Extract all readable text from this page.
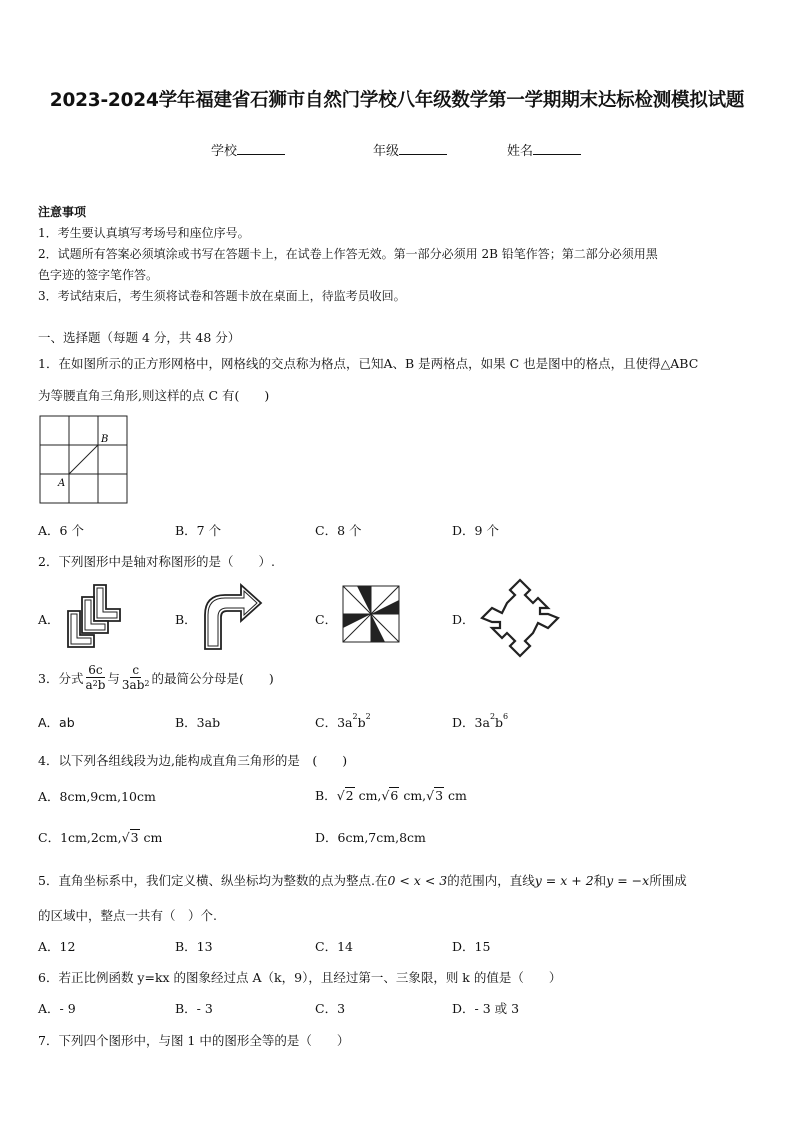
2023-2024学年福建省石狮市自然门学校八年级数学第一学期期末达标检测模拟试题
学校	年级	姓名
注意事项
1．考生要认真填写考场号和座位序号。
2．试题所有答案必须填涂或书写在答题卡上，在试卷上作答无效。第一部分必须用 2B 铅笔作答；第二部分必须用黑
色字迹的签字笔作答。
3．考试结束后，考生须将试卷和答题卡放在桌面上，待监考员收回。
一、选择题（每题 4 分，共 48 分）
1．在如图所示的正方形网格中，网格线的交点称为格点，已知A、B 是两格点，如果 C 也是图中的格点，且使得△ABC
为等腰直角三角形,则这样的点 C 有(　　)
B
A
A．6 个	B．7 个	C．8 个	D．9 个
2．下列图形中是轴对称图形的是（　　）.
A．	B．	C．	D．
3．分式 $\frac{6c}{a^2b}$ 与 $\frac{c}{3ab^2}$ 的最简公分母是(　　)
A．ab	B．3ab	C．$3a^2b^2$	D．$3a^2b^6$
4．以下列各组线段为边,能构成直角三角形的是　(　　)
A．8cm,9cm,10cm	B．√2 cm,√6 cm,√3 cm
C．1cm,2cm,√3 cm	D．6cm,7cm,8cm
5．直角坐标系中，我们定义横、纵坐标均为整数的点为整点.在0 < x < 3的范围内，直线y = x + 2和y = −x所围成
的区域中，整点一共有（　）个.
A．12	B．13	C．14	D．15
6．若正比例函数 y=kx 的图象经过点 A（k，9），且经过第一、三象限，则 k 的值是（　　）
A．- 9	B．- 3	C．3	D．- 3 或 3
7．下列四个图形中，与图 1 中的图形全等的是（　　）
